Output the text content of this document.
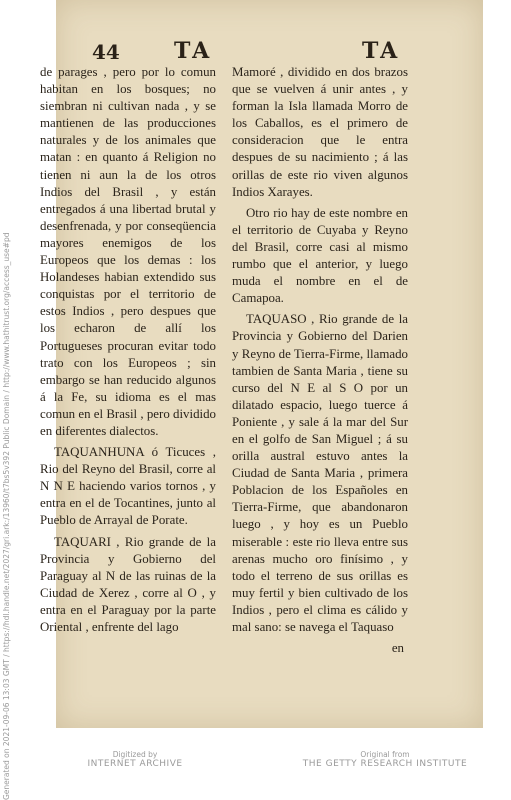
44 TA	TA

de parages , pero por lo comun habitan en los bosques; no siembran ni cultivan nada , y se mantienen de las producciones naturales y de los animales que matan : en quanto á Religion no tienen ni aun la de los otros Indios del Brasil , y están entregados á una libertad brutal y desenfrenada, y por conseqüencia mayores enemigos de los Europeos que los demas : los Holandeses habian extendido sus conquistas por el territorio de estos Indios , pero despues que los echaron de allí los Portugueses procuran evitar todo trato con los Europeos ; sin embargo se han reducido algunos á la Fe, su idioma es el mas comun en el Brasil , pero dividido en diferentes dialectos.

TAQUANHUNA ó Ticuces , Rio del Reyno del Brasil, corre al N N E haciendo varios tornos , y entra en el de Tocantines, junto al Pueblo de Arrayal de Porate.

TAQUARI , Rio grande de la Provincia y Gobierno del Paraguay al N de las ruinas de la Ciudad de Xerez , corre al O , y entra en el Paraguay por la parte Oriental , enfrente del lago

Mamoré , dividido en dos brazos que se vuelven á unir antes , y forman la Isla llamada Morro de los Caballos, es el primero de consideracion que le entra despues de su nacimiento ; á las orillas de este rio viven algunos Indios Xarayes.

Otro rio hay de este nombre en el territorio de Cuyaba y Reyno del Brasil, corre casi al mismo rumbo que el anterior, y luego muda el nombre en el de Camapoa.

TAQUASO , Rio grande de la Provincia y Gobierno del Darien y Reyno de Tierra-Firme, llamado tambien de Santa Maria , tiene su curso del N E al S O por un dilatado espacio, luego tuerce á Poniente , y sale á la mar del Sur en el golfo de San Miguel ; á su orilla austral estuvo antes la Ciudad de Santa Maria , primera Poblacion de los Españoles en Tierra-Firme, que abandonaron luego , y hoy es un Pueblo miserable : este rio lleva entre sus arenas mucho oro finísimo , y todo el terreno de sus orillas es muy fertil y bien cultivado de los Indios , pero el clima es cálido y mal sano: se navega el Taquaso

en
Generated on 2021-09-06 13:03 GMT / https://hdl.handle.net/2027/gri.ark:/13960/t7bs5v392 Public Domain / http://www.hathitrust.org/access_use#pd	Digitized by
INTERNET ARCHIVE
Original from
THE GETTY RESEARCH INSTITUTE
